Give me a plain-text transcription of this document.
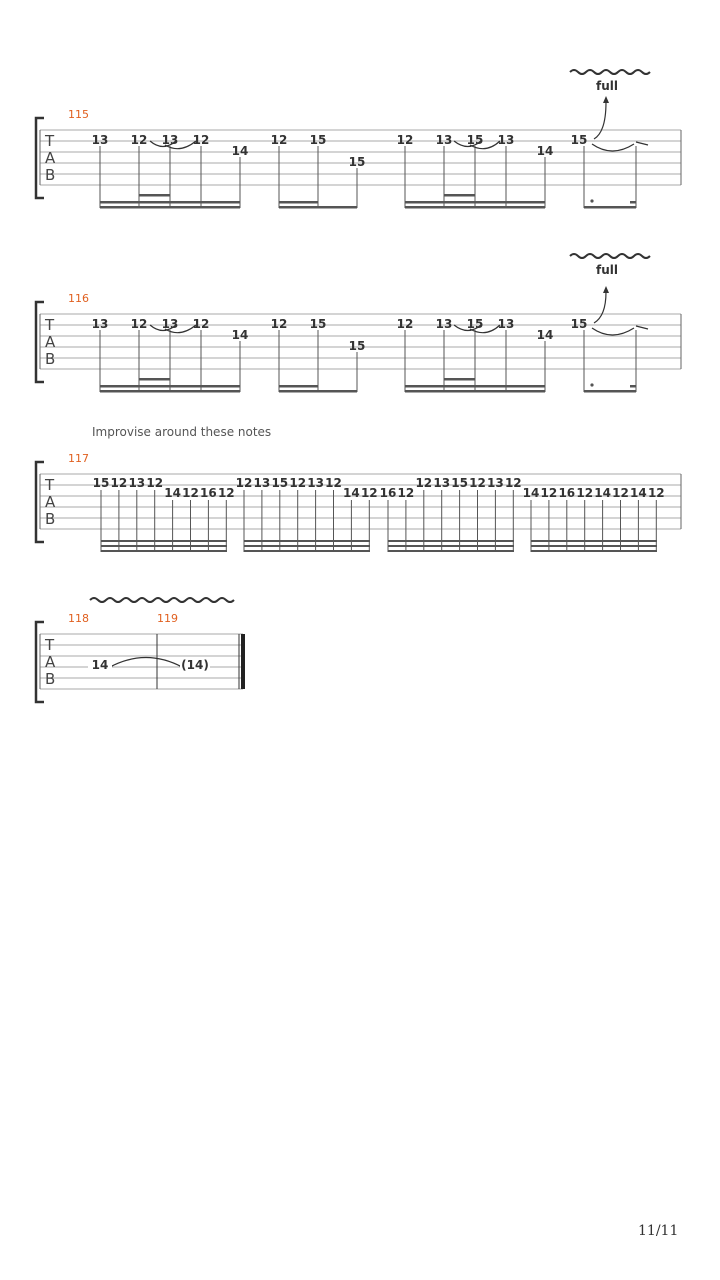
full
115
T
A
B
13 12 13 12
14
12 15
15
12 13 15 13
14
15
full
116
T
A
B
13 12 13 12
14
12 15
15
12 13 15 13
14
15
Improvise around these notes
117
T
A
B
15 12 13 12
14 12 16 12
12 13 15 12 13 12
14 12 16 12
12 13 15 12 13 12
14 12 16 12 14 12 14 12
118	119
T
A
B
14	(14)
11/11
